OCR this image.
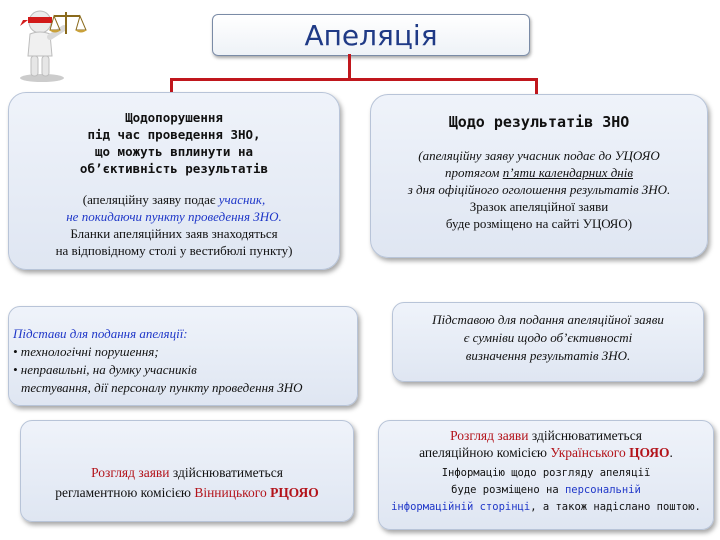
Апеляція

Щодопорушення

під час проведення ЗНО,

що можуть вплинути на

об’єктивність результатів

(апеляційну заяву подає учасник,

не покидаючи пункту проведення ЗНО.

Бланки апеляційних заяв знаходяться

на відповідному столі у вестибюлі пункту)

Щодо результатів ЗНО

(апеляційну заяву учасник подає до УЦОЯО

протягом п’яти календарних днів

з дня офіційного оголошення результатів ЗНО.

Зразок апеляційної заяви

буде розміщено на сайті УЦОЯО)

Підстави для подання апеляції:

• технологічні порушення;

• неправильні, на думку учасників

тестування, дії персоналу пункту проведення ЗНО

Підставою для подання апеляційної заяви

є сумніви щодо об’єктивності

визначення результатів ЗНО.

Розгляд заяви здійснюватиметься

регламентною комісією Вінницького РЦОЯО

Розгляд заяви здійснюватиметься

апеляційною комісією Українського ЦОЯО.

Інформацію щодо розгляду апеляції

буде розміщено на персональній

інформаційній сторінці, а також надіслано поштою.
